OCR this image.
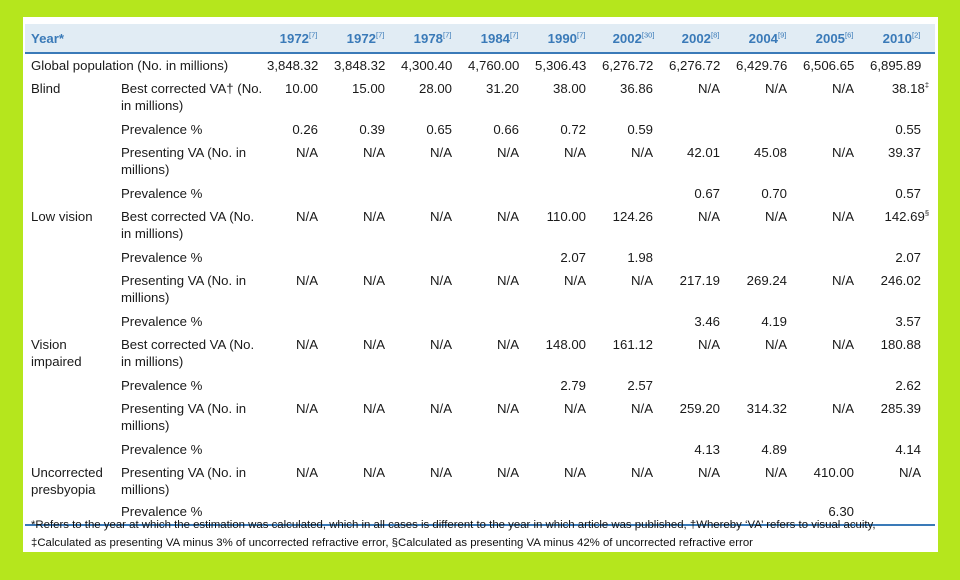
Year*		1972[7]	1972[7]	1978[7]	1984[7]	1990[7]	2002[30]	2002[8]	2004[9]	2005[6]	2010[2]
Global population (No. in millions)		3,848.32	3,848.32	4,300.40	4,760.00	5,306.43	6,276.72	6,276.72	6,429.76	6,506.65	6,895.89
Blind	Best corrected VA† (No. in millions)	10.00	15.00	28.00	31.20	38.00	36.86	N/A	N/A	N/A	38.18‡
	Prevalence %	0.26	0.39	0.65	0.66	0.72	0.59				0.55
	Presenting VA (No. in millions)	N/A	N/A	N/A	N/A	N/A	N/A	42.01	45.08	N/A	39.37
	Prevalence %							0.67	0.70		0.57
Low vision	Best corrected VA (No. in millions)	N/A	N/A	N/A	N/A	110.00	124.26	N/A	N/A	N/A	142.69§
	Prevalence %					2.07	1.98				2.07
	Presenting VA (No. in millions)	N/A	N/A	N/A	N/A	N/A	N/A	217.19	269.24	N/A	246.02
	Prevalence %							3.46	4.19		3.57
Vision impaired	Best corrected VA (No. in millions)	N/A	N/A	N/A	N/A	148.00	161.12	N/A	N/A	N/A	180.88
	Prevalence %					2.79	2.57				2.62
	Presenting VA (No. in millions)	N/A	N/A	N/A	N/A	N/A	N/A	259.20	314.32	N/A	285.39
	Prevalence %							4.13	4.89		4.14
Uncorrected presbyopia	Presenting VA (No. in millions)	N/A	N/A	N/A	N/A	N/A	N/A	N/A	N/A	410.00	N/A
	Prevalence %									6.30	
*Refers to the year at which the estimation was calculated, which in all cases is different to the year in which article was published, †Whereby ‘VA’ refers to visual acuity, ‡Calculated as presenting VA minus 3% of uncorrected refractive error, §Calculated as presenting VA minus 42% of uncorrected refractive error
